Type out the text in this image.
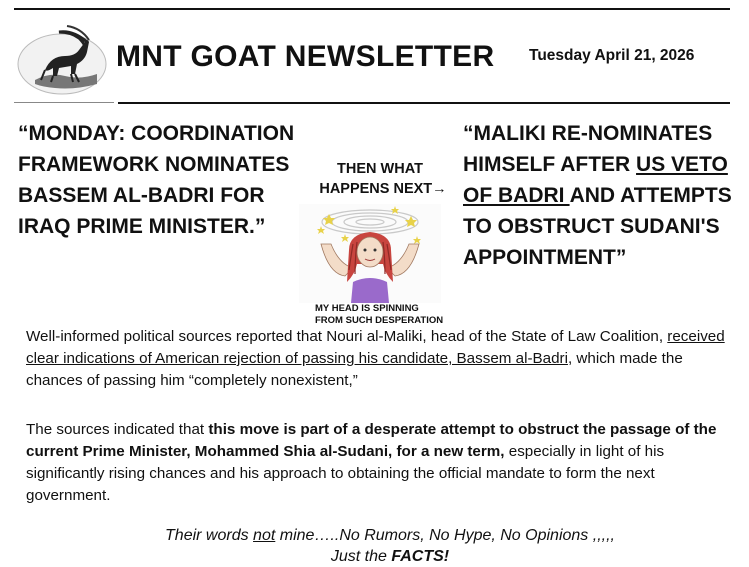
MNT GOAT NEWSLETTER Tuesday April 21, 2026
“MONDAY: COORDINATION
FRAMEWORK NOMINATES
BASSEM AL-BADRI FOR
IRAQ PRIME MINISTER.”
THEN WHAT
HAPPENS NEXT→
MY HEAD IS SPINNING
FROM SUCH DESPERATION
“MALIKI RE-NOMINATES
HIMSELF AFTER US VETO
OF BADRI AND ATTEMPTS
TO OBSTRUCT SUDANI'S
APPOINTMENT”
Well-informed political sources reported that Nouri al-Maliki, head of the State of Law Coalition, received clear indications of American rejection of passing his candidate, Bassem al-Badri, which made the chances of passing him “completely nonexistent,”
The sources indicated that this move is part of a desperate attempt to obstruct the passage of the current Prime Minister, Mohammed Shia al-Sudani, for a new term, especially in light of his significantly rising chances and his approach to obtaining the official mandate to form the next government.
Their words not mine…..No Rumors, No Hype, No Opinions ,,,,,
Just the FACTS!
